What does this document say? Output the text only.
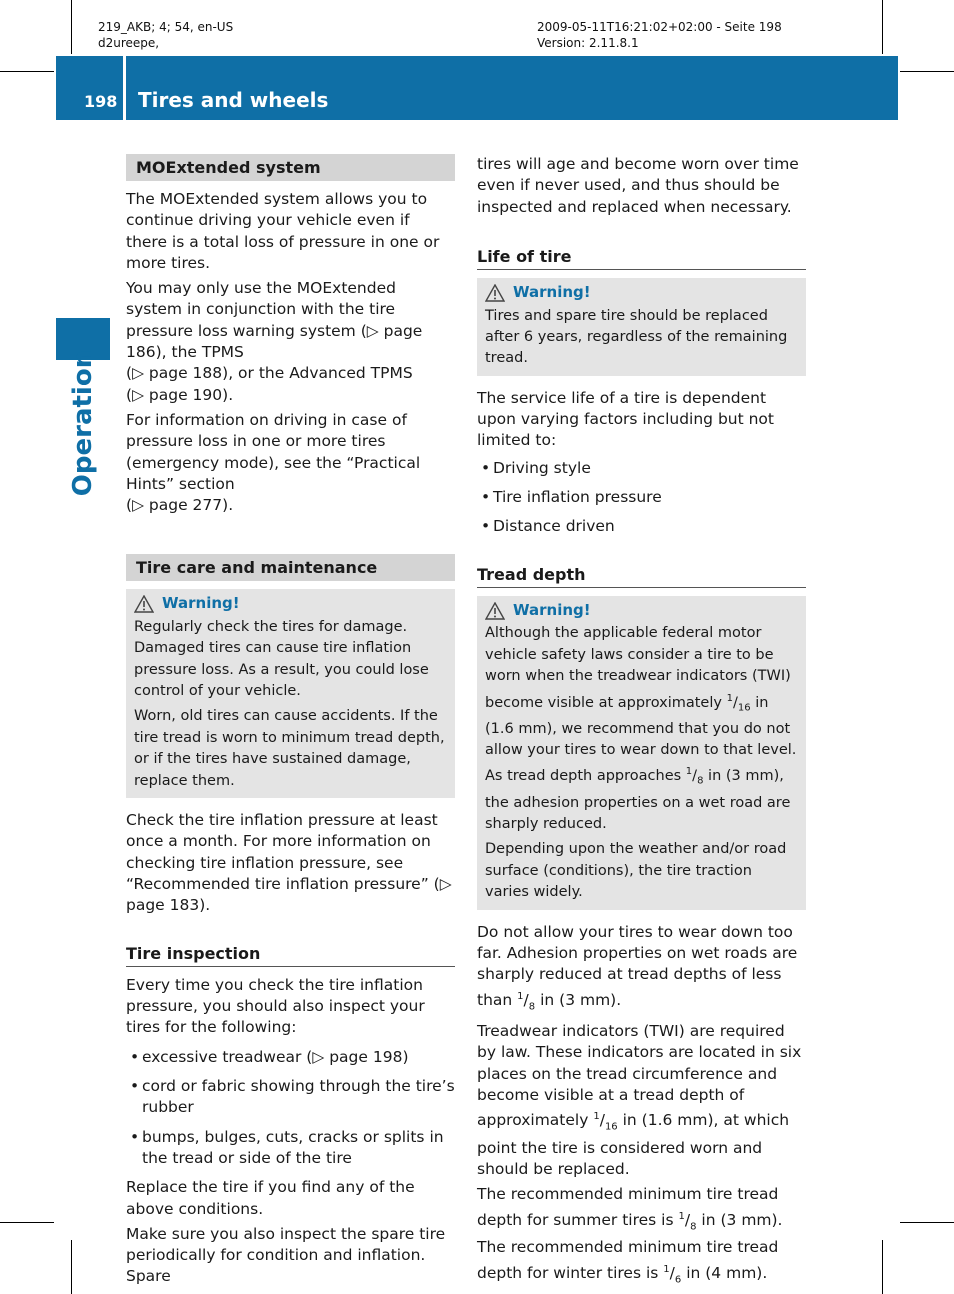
219_AKB; 4; 54, en-US
d2ureepe,
2009-05-11T16:21:02+02:00 - Seite 198
Version: 2.11.8.1
198 Tires and wheels
Operation
MOExtended system

The MOExtended system allows you to continue driving your vehicle even if there is a total loss of pressure in one or more tires.

You may only use the MOExtended system in conjunction with the tire pressure loss warning system (▷ page 186), the TPMS
(▷ page 188), or the Advanced TPMS
(▷ page 190).

For information on driving in case of pressure loss in one or more tires (emergency mode), see the “Practical Hints” section
(▷ page 277).

Tire care and maintenance
Warning!

Regularly check the tires for damage. Damaged tires can cause tire inflation pressure loss. As a result, you could lose control of your vehicle.

Worn, old tires can cause accidents. If the tire tread is worn to minimum tread depth, or if the tires have sustained damage, replace them.

Check the tire inflation pressure at least once a month. For more information on checking tire inflation pressure, see “Recommended tire inflation pressure” (▷ page 183).

Tire inspection

Every time you check the tire inflation pressure, you should also inspect your tires for the following:

• excessive treadwear (▷ page 198)
• cord or fabric showing through the tire’s rubber
• bumps, bulges, cuts, cracks or splits in the tread or side of the tire

Replace the tire if you find any of the above conditions.

Make sure you also inspect the spare tire periodically for condition and inflation. Spare

tires will age and become worn over time even if never used, and thus should be inspected and replaced when necessary.

Life of tire
Warning!

Tires and spare tire should be replaced after 6 years, regardless of the remaining tread.

The service life of a tire is dependent upon varying factors including but not limited to:

• Driving style
• Tire inflation pressure
• Distance driven
Tread depth
Warning!

Although the applicable federal motor vehicle safety laws consider a tire to be worn when the treadwear indicators (TWI) become visible at approximately $^1/_{16}$ in (1.6 mm), we recommend that you do not allow your tires to wear down to that level. As tread depth approaches $^1/_8$ in (3 mm), the adhesion properties on a wet road are sharply reduced.

Depending upon the weather and/or road surface (conditions), the tire traction varies widely.

Do not allow your tires to wear down too far. Adhesion properties on wet roads are sharply reduced at tread depths of less than $^1/_8$ in (3 mm).

Treadwear indicators (TWI) are required by law. These indicators are located in six places on the tread circumference and become visible at a tread depth of approximately $^1/_{16}$ in (1.6 mm), at which point the tire is considered worn and should be replaced.

The recommended minimum tire tread depth for summer tires is $^1/_8$ in (3 mm). The recommended minimum tire tread depth for winter tires is $^1/_6$ in (4 mm).
